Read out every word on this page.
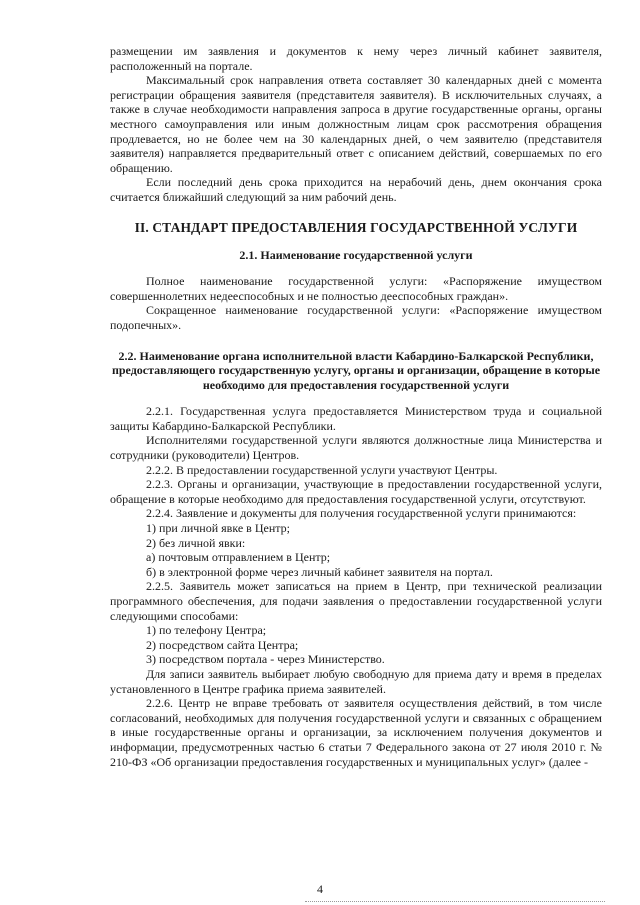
размещении им заявления и документов к нему через личный кабинет заявителя, расположенный на портале.

Максимальный срок направления ответа составляет 30 календарных дней с момента регистрации обращения заявителя (представителя заявителя). В исключительных случаях, а также в случае необходимости направления запроса в другие государственные органы, органы местного самоуправления или иным должностным лицам срок рассмотрения обращения продлевается, но не более чем на 30 календарных дней, о чем заявителю (представителя заявителя) направляется предварительный ответ с описанием действий, совершаемых по его обращению.

Если последний день срока приходится на нерабочий день, днем окончания срока считается ближайший следующий за ним рабочий день.

II. СТАНДАРТ ПРЕДОСТАВЛЕНИЯ ГОСУДАРСТВЕННОЙ УСЛУГИ
2.1. Наименование государственной услуги

Полное наименование государственной услуги: «Распоряжение имуществом совершеннолетних недееспособных и не полностью дееспособных граждан».

Сокращенное наименование государственной услуги: «Распоряжение имуществом подопечных».

2.2. Наименование органа исполнительной власти Кабардино-Балкарской Республики, предоставляющего государственную услугу, органы и организации, обращение в которые необходимо для предоставления государственной услуги

2.2.1. Государственная услуга предоставляется Министерством труда и социальной защиты Кабардино-Балкарской Республики.

Исполнителями государственной услуги являются должностные лица Министерства и сотрудники (руководители) Центров.

2.2.2. В предоставлении государственной услуги участвуют Центры.

2.2.3. Органы и организации, участвующие в предоставлении государственной услуги, обращение в которые необходимо для предоставления государственной услуги, отсутствуют.

2.2.4. Заявление и документы для получения государственной услуги принимаются:

1) при личной явке в Центр;

2) без личной явки:

а) почтовым отправлением в Центр;

б) в электронной форме через личный кабинет заявителя на портал.

2.2.5. Заявитель может записаться на прием в Центр, при технической реализации программного обеспечения, для подачи заявления о предоставлении государственной услуги следующими способами:

1) по телефону Центра;

2) посредством сайта Центра;

3) посредством портала - через Министерство.

Для записи заявитель выбирает любую свободную для приема дату и время в пределах установленного в Центре графика приема заявителей.

2.2.6. Центр не вправе требовать от заявителя осуществления действий, в том числе согласований, необходимых для получения государственной услуги и связанных с обращением в иные государственные органы и организации, за исключением получения документов и информации, предусмотренных частью 6 статьи 7 Федерального закона от 27 июля 2010 г. № 210-ФЗ «Об организации предоставления государственных и муниципальных услуг» (далее -

4
